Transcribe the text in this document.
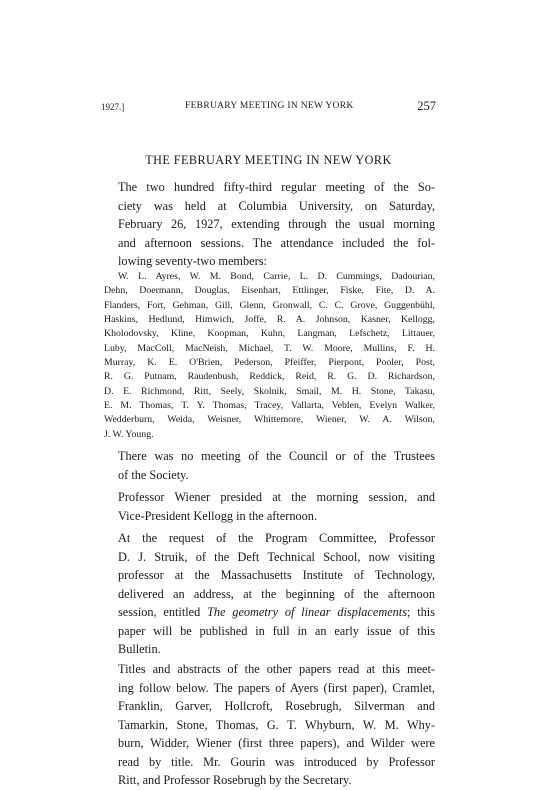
1927.]	FEBRUARY MEETING IN NEW YORK	257
THE FEBRUARY MEETING IN NEW YORK
The two hundred fifty-third regular meeting of the So-
ciety was held at Columbia University, on Saturday,
February 26, 1927, extending through the usual morning
and afternoon sessions. The attendance included the fol-
lowing seventy-two members:
W. L. Ayres, W. M. Bond, Carrie, L. D. Cummings, Dadourian,
Dehn, Doermann, Douglas, Eisenhart, Ettlinger, Fiske, Fite, D. A.
Flanders, Fort, Gehman, Gill, Glenn, Gronwall, C. C. Grove, Guggenbühl,
Haskins, Hedlund, Himwich, Joffe, R. A. Johnson, Kasner, Kellogg,
Kholodovsky, Kline, Koopman, Kuhn, Langman, Lefschetz, Littauer,
Luby, MacColl, MacNeish, Michael, T. W. Moore, Mullins, F. H.
Murray, K. E. O'Brien, Pederson, Pfeiffer, Pierpont, Pooler, Post,
R. G. Putnam, Raudenbush, Reddick, Reid, R. G. D. Richardson,
D. E. Richmond, Ritt, Seely, Skolnik, Smail, M. H. Stone, Takasu,
E. M. Thomas, T. Y. Thomas, Tracey, Vallarta, Veblen, Evelyn Walker,
Wedderburn, Weida, Weisner, Whittemore, Wiener, W. A. Wilson,
J. W. Young.
There was no meeting of the Council or of the Trustees
of the Society.
Professor Wiener presided at the morning session, and
Vice-President Kellogg in the afternoon.
At the request of the Program Committee, Professor
D. J. Struik, of the Deft Technical School, now visiting
professor at the Massachusetts Institute of Technology,
delivered an address, at the beginning of the afternoon
session, entitled The geometry of linear displacements; this
paper will be published in full in an early issue of this
Bulletin.
Titles and abstracts of the other papers read at this meet-
ing follow below. The papers of Ayers (first paper), Cramlet,
Franklin, Garver, Hollcroft, Rosebrugh, Silverman and
Tamarkin, Stone, Thomas, G. T. Whyburn, W. M. Why-
burn, Widder, Wiener (first three papers), and Wilder were
read by title. Mr. Gourin was introduced by Professor
Ritt, and Professor Rosebrugh by the Secretary.
